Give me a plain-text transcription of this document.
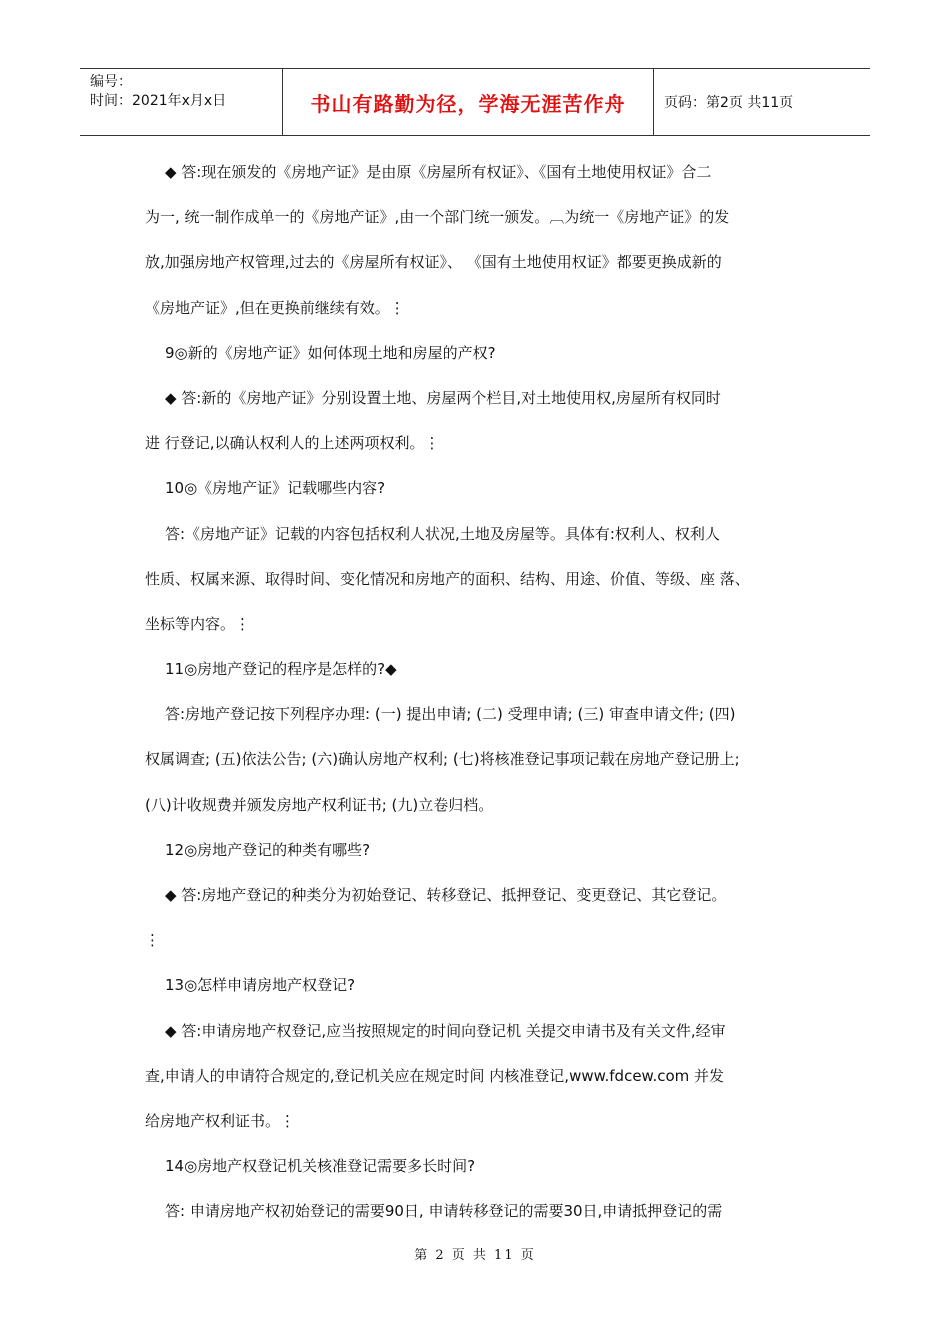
编号：
时间：2021年x月x日	书山有路勤为径，学海无涯苦作舟	页码：第2页 共11页
◆ 答:现在颁发的《房地产证》是由原《房屋所有权证》、《国有土地使用权证》合二
为一, 统一制作成单一的《房地产证》,由一个部门统一颁发。︹为统一《房地产证》的发
放,加强房地产权管理,过去的《房屋所有权证》、 《国有土地使用权证》都要更换成新的
《房地产证》,但在更换前继续有效。⋮
9◎新的《房地产证》如何体现土地和房屋的产权?
◆ 答:新的《房地产证》分别设置土地、房屋两个栏目,对土地使用权,房屋所有权同时
进 行登记,以确认权利人的上述两项权利。⋮
10◎《房地产证》记载哪些内容?
答:《房地产证》记载的内容包括权利人状况,土地及房屋等。具体有:权利人、权利人
性质、权属来源、取得时间、变化情况和房地产的面积、结构、用途、价值、等级、座 落、
坐标等内容。⋮
11◎房地产登记的程序是怎样的?◆
答:房地产登记按下列程序办理: (一) 提出申请; (二) 受理申请; (三) 审查申请文件; (四)
权属调查; (五)依法公告; (六)确认房地产权利; (七)将核准登记事项记载在房地产登记册上;
(八)计收规费并颁发房地产权利证书; (九)立卷归档。
12◎房地产登记的种类有哪些?
◆ 答:房地产登记的种类分为初始登记、转移登记、抵押登记、变更登记、其它登记。
⋮
13◎怎样申请房地产权登记?
◆ 答:申请房地产权登记,应当按照规定的时间向登记机 关提交申请书及有关文件,经审
查,申请人的申请符合规定的,登记机关应在规定时间 内核准登记,www.fdcew.com 并发
给房地产权利证书。⋮
14◎房地产权登记机关核准登记需要多长时间?
答: 申请房地产权初始登记的需要90日, 申请转移登记的需要30日,申请抵押登记的需
第 2 页 共 11 页
